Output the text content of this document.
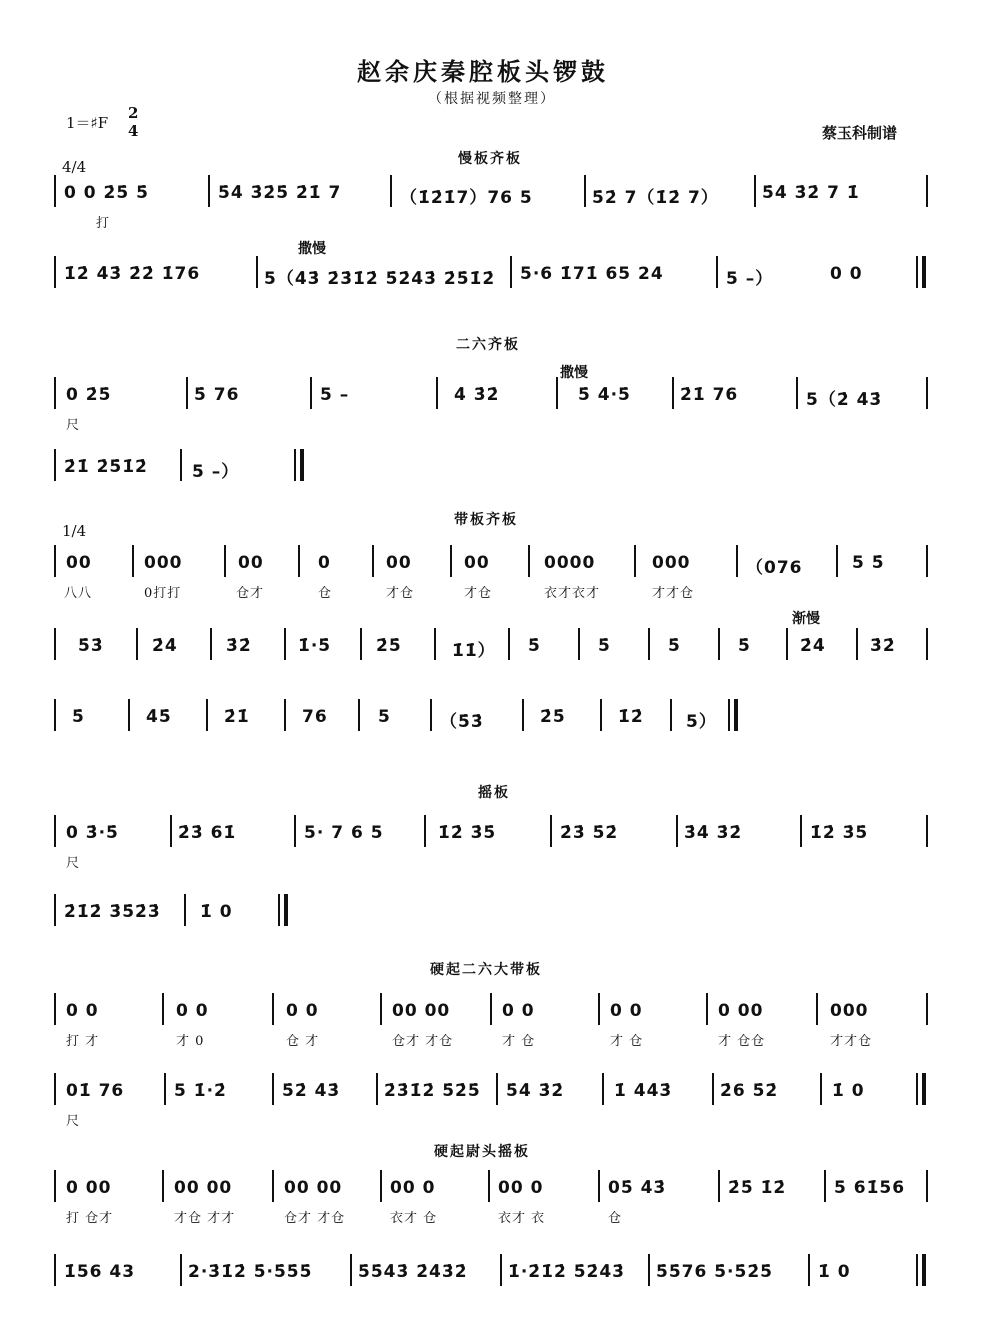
赵余庆秦腔板头锣鼓
（根据视频整理）
1＝♯F
2
4	蔡玉科制谱
慢板齐板
4/4
二六齐板
带板齐板
1/4
摇板
硬起二六大带板
硬起尉头摇板
撒慢
撒慢
渐慢
0 0 2̇5̇ 5̇	5̇4̇ 3̇2̇5̇ 2̇1̇ 7	（1̇2̇1̇7）76 5	5̇2̇ 7（1̇2̇ 7）	5̇4̇ 3̇2̇ 7 1̇
打
1̇2̇ 4̇3̇ 2̇2̇ 1̇76	5（4̇3̇ 2̇3̇1̇2̇ 5̇2̇4̇3̇ 2̇5̇1̇2̇ 5·6 1̇71̇ 65 24	5 –）	0 0
0 2̇5̇	5̇ 76	5 –	4̇ 3̇2̇	5̇ 4̇·5̇	2̇1̇ 76	5（2̇ 4̇3̇
尺
2̇1̇ 2̇5̇1̇2̇	5 –）
00	000	00	0	00	00	0000	000	（076	5 5̇
八八	0打打	仓才	仓	才仓	才仓	衣才衣才	才才仓
5̇3̇	2̇4̇	3̇2̇	1̇·5̇	2̇5̇	1̇1̇） 5̇	5̇	5̇	5̇	2̇4̇	3̇2̇
5̇	4̇5̇	2̇1̇	76	5	（5̇3̇	2̇5̇	1̇2̇ 5）
0 3̇·5̇	2̇3̇ 61̇	5· 7 6 5	1̇2̇ 3̇5̇	2̇3̇ 5̇2̇	3̇4̇ 3̇2̇	1̇2̇ 3̇5̇
尺
2̇1̇2̇ 3̇5̇2̇3̇ 1̇ 0
0 0	0 0	0 0	00 00	0 0	0 0	0 00	000
打 才	才 0	仓 才	仓才 才仓	才 仓	才 仓	才 仓仓	才才仓
01̇ 76	5 1̇·2̇	5̇2̇ 4̇3̇	2̇3̇1̇2̇ 5̇2̇5̇ 5̇4̇ 3̇2̇	1̇ 4̇4̇3̇	2̇6 5̇2̇	1̇ 0
尺
0 00	00 00	00 00	00 0	00 0	05̇ 4̇3̇	2̇5̇ 1̇2̇	5 61̇56
打 仓才	才仓 才才	仓才 才仓	衣才 仓	衣才 衣	仓
1̇56 43	2·3̇1̇2̇ 5̇·5̇5̇5̇	5̇5̇4̇3̇ 2̇4̇3̇2̇ 1̇·2̇1̇2̇ 5̇2̇4̇3̇ 5̇5̇76 5̇·5̇2̇5̇	1̇ 0
